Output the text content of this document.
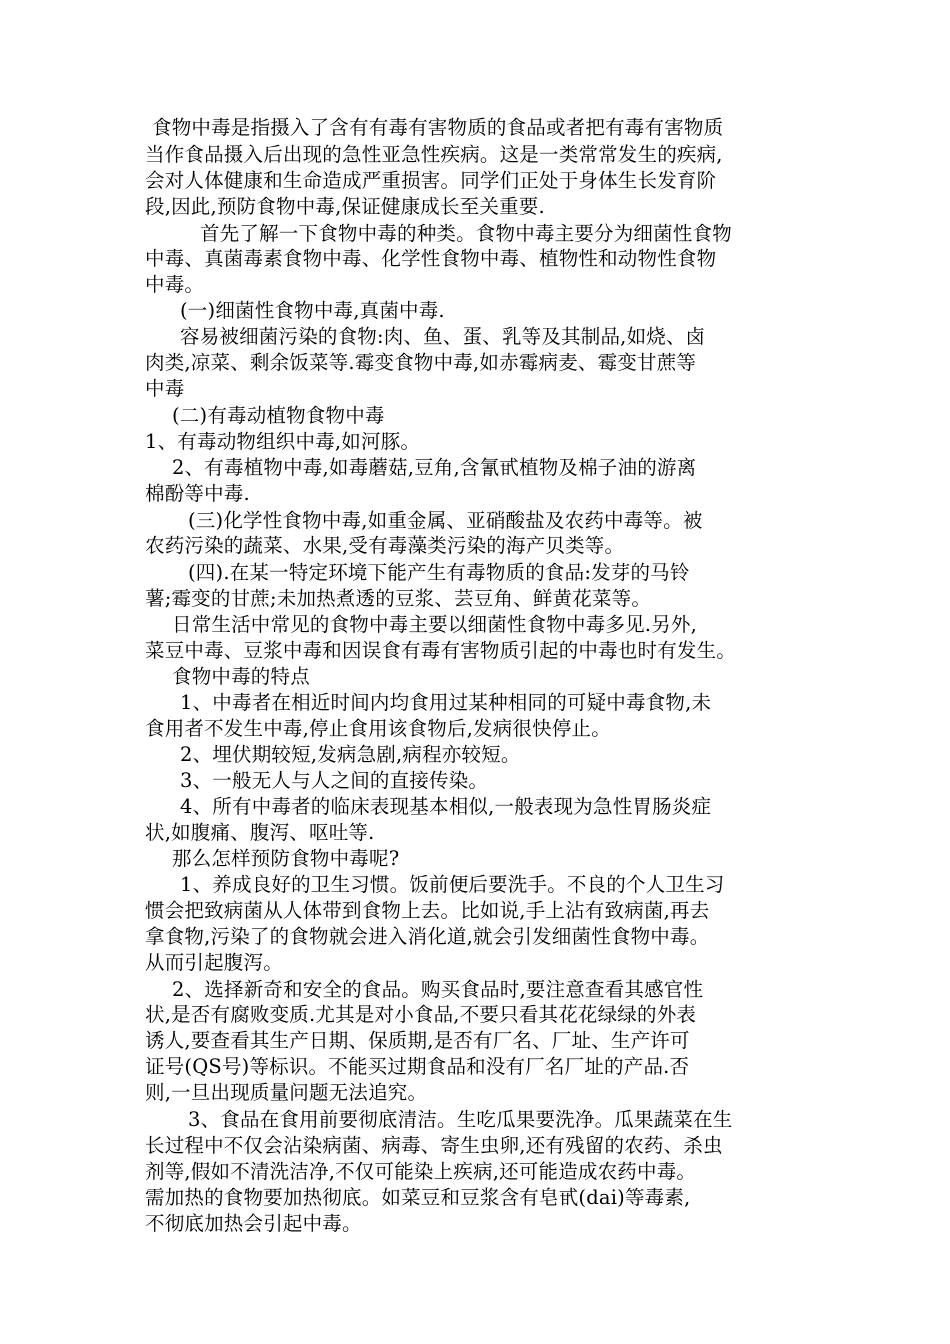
食物中毒是指摄入了含有有毒有害物质的食品或者把有毒有害物质
当作食品摄入后出现的急性亚急性疾病。这是一类常常发生的疾病,
会对人体健康和生命造成严重损害。同学们正处于身体生长发育阶
段,因此,预防食物中毒,保证健康成长至关重要.
首先了解一下食物中毒的种类。食物中毒主要分为细菌性食物
中毒、真菌毒素食物中毒、化学性食物中毒、植物性和动物性食物
中毒。
(一)细菌性食物中毒,真菌中毒.
容易被细菌污染的食物:肉、鱼、蛋、乳等及其制品,如烧、卤
肉类,凉菜、剩余饭菜等.霉变食物中毒,如赤霉病麦、霉变甘蔗等
中毒
(二)有毒动植物食物中毒
1、有毒动物组织中毒,如河豚。
2、有毒植物中毒,如毒蘑菇,豆角,含氰甙植物及棉子油的游离
棉酚等中毒.
(三)化学性食物中毒,如重金属、亚硝酸盐及农药中毒等。被
农药污染的蔬菜、水果,受有毒藻类污染的海产贝类等。
(四).在某一特定环境下能产生有毒物质的食品:发芽的马铃
薯;霉变的甘蔗;未加热煮透的豆浆、芸豆角、鲜黄花菜等。
日常生活中常见的食物中毒主要以细菌性食物中毒多见.另外,
菜豆中毒、豆浆中毒和因误食有毒有害物质引起的中毒也时有发生。
食物中毒的特点
1、中毒者在相近时间内均食用过某种相同的可疑中毒食物,未
食用者不发生中毒,停止食用该食物后,发病很快停止。
2、埋伏期较短,发病急剧,病程亦较短。
3、一般无人与人之间的直接传染。
4、所有中毒者的临床表现基本相似,一般表现为急性胃肠炎症
状,如腹痛、腹泻、呕吐等.
那么怎样预防食物中毒呢?
1、养成良好的卫生习惯。饭前便后要洗手。不良的个人卫生习
惯会把致病菌从人体带到食物上去。比如说,手上沾有致病菌,再去
拿食物,污染了的食物就会进入消化道,就会引发细菌性食物中毒。
从而引起腹泻。
2、选择新奇和安全的食品。购买食品时,要注意查看其感官性
状,是否有腐败变质.尤其是对小食品,不要只看其花花绿绿的外表
诱人,要查看其生产日期、保质期,是否有厂名、厂址、生产许可
证号(QS号)等标识。不能买过期食品和没有厂名厂址的产品.否
则,一旦出现质量问题无法追究。
3、食品在食用前要彻底清洁。生吃瓜果要洗净。瓜果蔬菜在生
长过程中不仅会沾染病菌、病毒、寄生虫卵,还有残留的农药、杀虫
剂等,假如不清洗洁净,不仅可能染上疾病,还可能造成农药中毒。
需加热的食物要加热彻底。如菜豆和豆浆含有皂甙(dai)等毒素,
不彻底加热会引起中毒。
